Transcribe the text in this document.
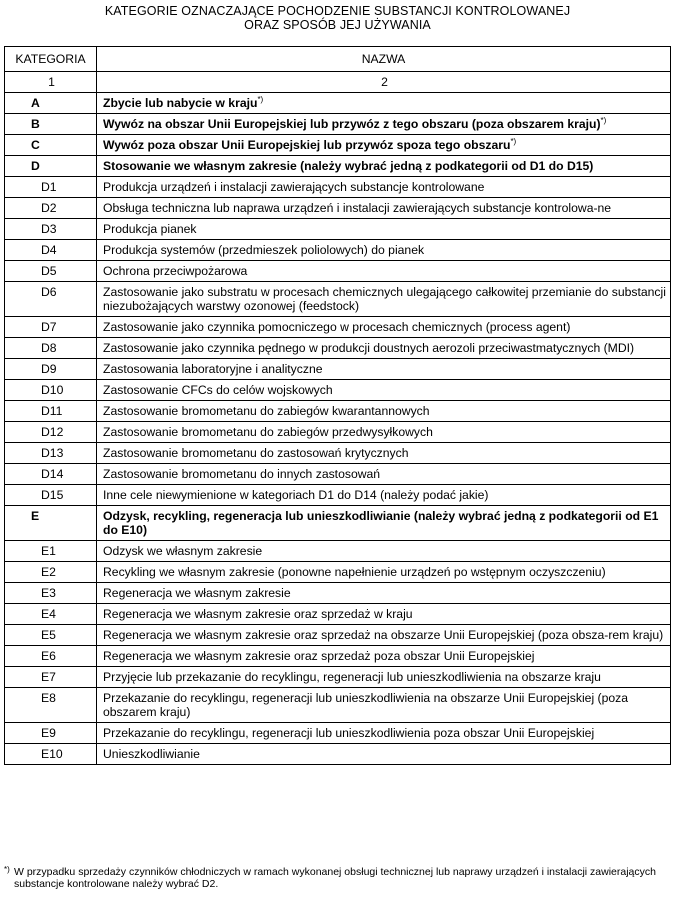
KATEGORIE OZNACZAJĄCE POCHODZENIE SUBSTANCJI KONTROLOWANEJ
ORAZ SPOSÓB JEJ UŻYWANIA
KATEGORIA	NAZWA
1	2
A	Zbycie lub nabycie w kraju*)
B	Wywóz na obszar Unii Europejskiej lub przywóz z tego obszaru (poza obszarem kraju)*)
C	Wywóz poza obszar Unii Europejskiej lub przywóz spoza tego obszaru*)
D	Stosowanie we własnym zakresie (należy wybrać jedną z podkategorii od D1 do D15)
D1	Produkcja urządzeń i instalacji zawierających substancje kontrolowane
D2	Obsługa techniczna lub naprawa urządzeń i instalacji zawierających substancje kontrolowa-ne
D3	Produkcja pianek
D4	Produkcja systemów (przedmieszek poliolowych) do pianek
D5	Ochrona przeciwpożarowa
D6	Zastosowanie jako substratu w procesach chemicznych ulegającego całkowitej przemianie do substancji niezubożających warstwy ozonowej (feedstock)
D7	Zastosowanie jako czynnika pomocniczego w procesach chemicznych (process agent)
D8	Zastosowanie jako czynnika pędnego w produkcji doustnych aerozoli przeciwastmatycznych (MDI)
D9	Zastosowania laboratoryjne i analityczne
D10	Zastosowanie CFCs do celów wojskowych
D11	Zastosowanie bromometanu do zabiegów kwarantannowych
D12	Zastosowanie bromometanu do zabiegów przedwysyłkowych
D13	Zastosowanie bromometanu do zastosowań krytycznych
D14	Zastosowanie bromometanu do innych zastosowań
D15	Inne cele niewymienione w kategoriach D1 do D14 (należy podać jakie)
E	Odzysk, recykling, regeneracja lub unieszkodliwianie (należy wybrać jedną z podkategorii od E1 do E10)
E1	Odzysk we własnym zakresie
E2	Recykling we własnym zakresie (ponowne napełnienie urządzeń po wstępnym oczyszczeniu)
E3	Regeneracja we własnym zakresie
E4	Regeneracja we własnym zakresie oraz sprzedaż w kraju
E5	Regeneracja we własnym zakresie oraz sprzedaż na obszarze Unii Europejskiej (poza obsza-rem kraju)
E6	Regeneracja we własnym zakresie oraz sprzedaż poza obszar Unii Europejskiej
E7	Przyjęcie lub przekazanie do recyklingu, regeneracji lub unieszkodliwienia na obszarze kraju
E8	Przekazanie do recyklingu, regeneracji lub unieszkodliwienia na obszarze Unii Europejskiej (poza obszarem kraju)
E9	Przekazanie do recyklingu, regeneracji lub unieszkodliwienia poza obszar Unii Europejskiej
E10	Unieszkodliwianie
*) W przypadku sprzedaży czynników chłodniczych w ramach wykonanej obsługi technicznej lub naprawy urządzeń i instalacji zawierających substancje kontrolowane należy wybrać D2.
